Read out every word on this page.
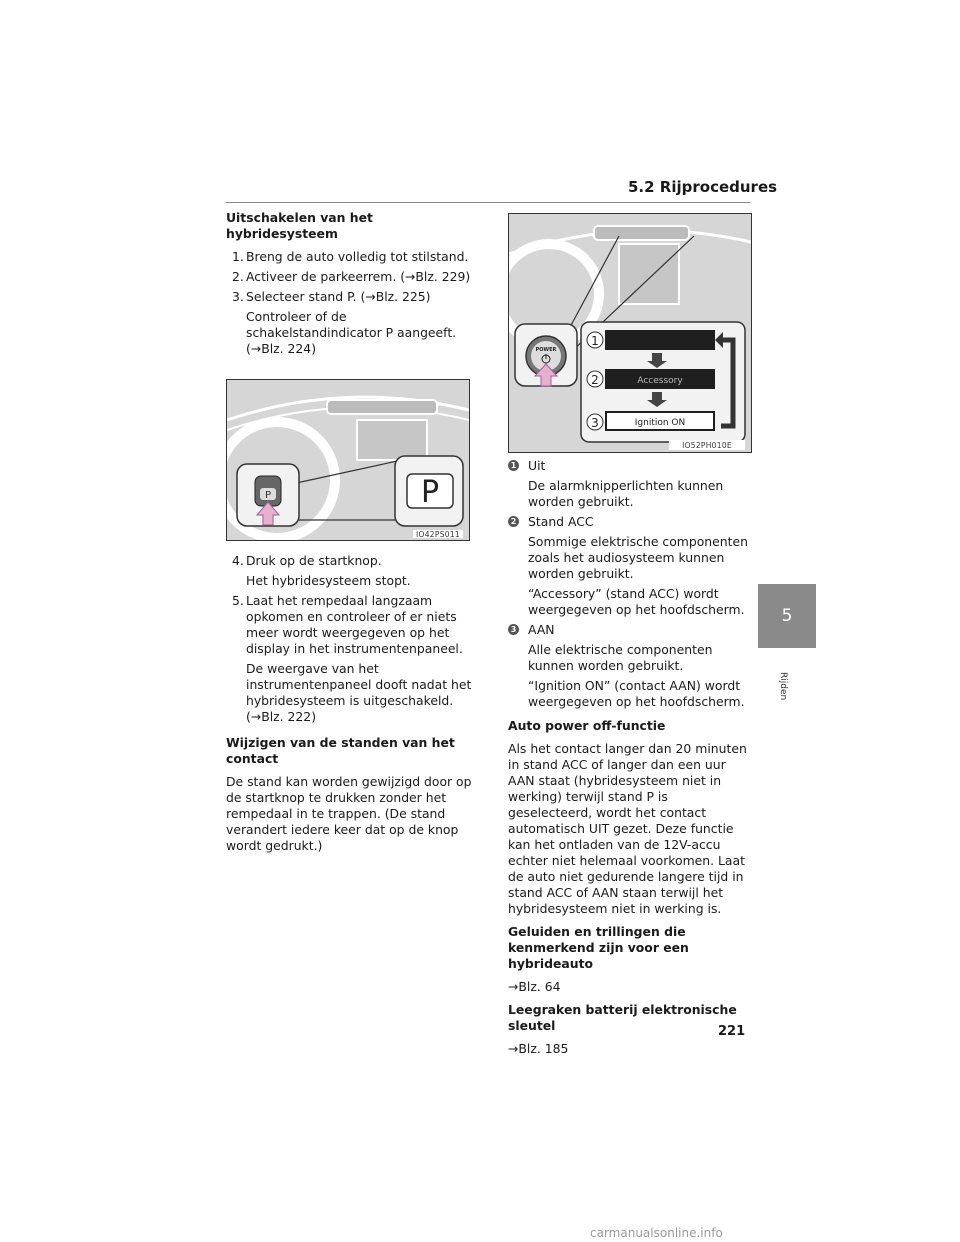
5.2 Rijprocedures
Uitschakelen van het hybridesysteem
1. Breng de auto volledig tot stilstand.
2. Activeer de parkeerrem. (→Blz. 229)
3. Selecteer stand P. (→Blz. 225)
Controleer of de schakelstandindicator P aangeeft. (→Blz. 224)
P	P
IO42PS011
4. Druk op de startknop.
Het hybridesysteem stopt.
5. Laat het rempedaal langzaam opkomen en controleer of er niets meer wordt weergegeven op het display in het instrumentenpaneel.
De weergave van het instrumentenpaneel dooft nadat het hybridesysteem is uitgeschakeld. (→Blz. 222)
Wijzigen van de standen van het contact
De stand kan worden gewijzigd door op de startknop te drukken zonder het rempedaal in te trappen. (De stand verandert iedere keer dat op de knop wordt gedrukt.)
POWER
1
2	Accessory
3	Ignition ON
IO52PH010E
1 Uit
De alarmknipperlichten kunnen worden gebruikt.
2 Stand ACC
Sommige elektrische componenten zoals het audiosysteem kunnen worden gebruikt.
“Accessory” (stand ACC) wordt weergegeven op het hoofdscherm.
3 AAN
Alle elektrische componenten kunnen worden gebruikt.
“Ignition ON” (contact AAN) wordt weergegeven op het hoofdscherm.
Auto power off-functie
Als het contact langer dan 20 minuten in stand ACC of langer dan een uur AAN staat (hybridesysteem niet in werking) terwijl stand P is geselecteerd, wordt het contact automatisch UIT gezet. Deze functie kan het ontladen van de 12V-accu echter niet helemaal voorkomen. Laat de auto niet gedurende langere tijd in stand ACC of AAN staan terwijl het hybridesysteem niet in werking is.
Geluiden en trillingen die kenmerkend zijn voor een hybrideauto
→Blz. 64
Leegraken batterij elektronische sleutel
→Blz. 185
5
Rijden
221
carmanualsonline.info
